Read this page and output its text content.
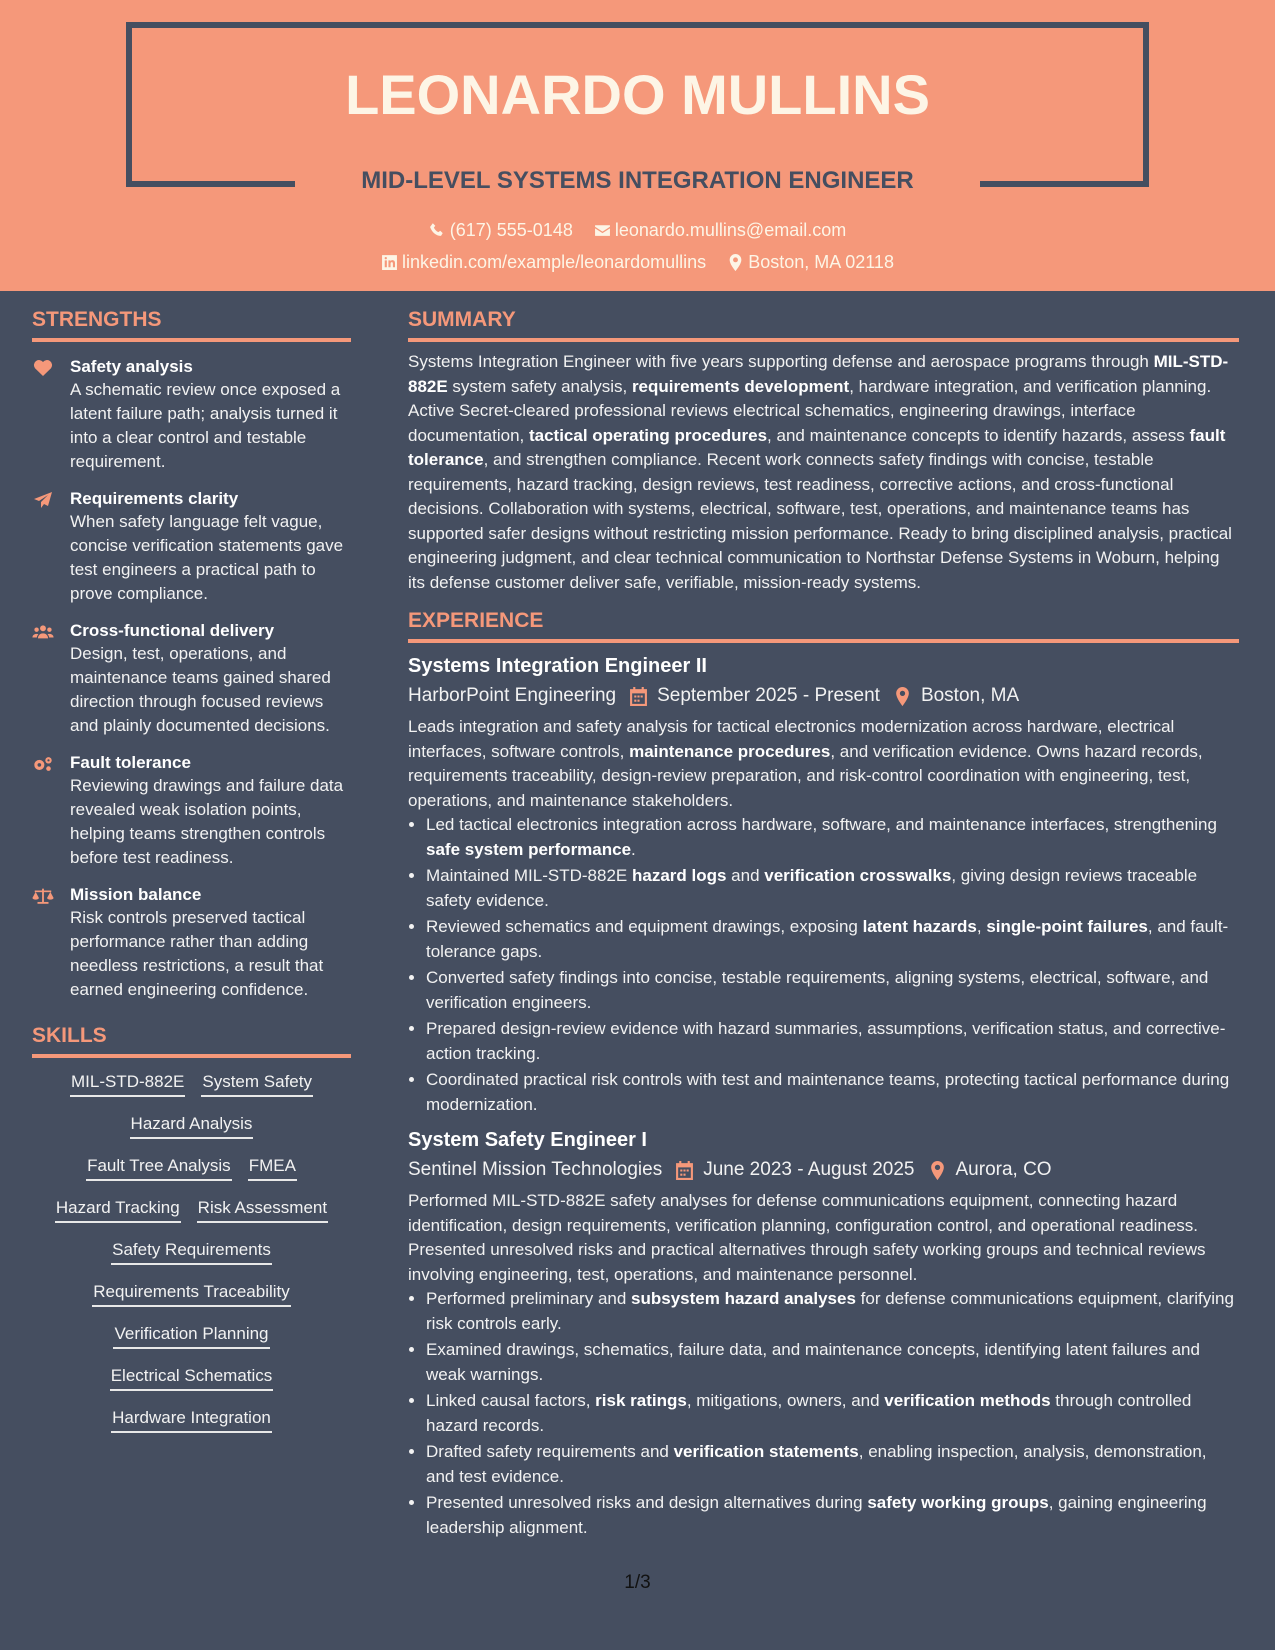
LEONARDO MULLINS
MID-LEVEL SYSTEMS INTEGRATION ENGINEER
(617) 555-0148
leonardo.mullins@email.com
linkedin.com/example/leonardomullins
Boston, MA 02118
STRENGTHS
Safety analysis
A schematic review once exposed a latent failure path; analysis turned it into a clear control and testable requirement.
Requirements clarity
When safety language felt vague, concise verification statements gave test engineers a practical path to prove compliance.
Cross-functional delivery
Design, test, operations, and maintenance teams gained shared direction through focused reviews and plainly documented decisions.
Fault tolerance
Reviewing drawings and failure data revealed weak isolation points, helping teams strengthen controls before test readiness.
Mission balance
Risk controls preserved tactical performance rather than adding needless restrictions, a result that earned engineering confidence.
SKILLS
MIL-STD-882E System Safety
Hazard Analysis
Fault Tree Analysis FMEA
Hazard Tracking Risk Assessment
Safety Requirements
Requirements Traceability
Verification Planning
Electrical Schematics
Hardware Integration
SUMMARY

Systems Integration Engineer with five years supporting defense and aerospace programs through MIL-STD-882E system safety analysis, requirements development, hardware integration, and verification planning. Active Secret-cleared professional reviews electrical schematics, engineering drawings, interface documentation, tactical operating procedures, and maintenance concepts to identify hazards, assess fault tolerance, and strengthen compliance. Recent work connects safety findings with concise, testable requirements, hazard tracking, design reviews, test readiness, corrective actions, and cross-functional decisions. Collaboration with systems, electrical, software, test, operations, and maintenance teams has supported safer designs without restricting mission performance. Ready to bring disciplined analysis, practical engineering judgment, and clear technical communication to Northstar Defense Systems in Woburn, helping its defense customer deliver safe, verifiable, mission-ready systems.

EXPERIENCE
Systems Integration Engineer II
HarborPoint Engineering September 2025 - Present Boston, MA

Leads integration and safety analysis for tactical electronics modernization across hardware, electrical interfaces, software controls, maintenance procedures, and verification evidence. Owns hazard records, requirements traceability, design-review preparation, and risk-control coordination with engineering, test, operations, and maintenance stakeholders.

• Led tactical electronics integration across hardware, software, and maintenance interfaces, strengthening safe system performance.
• Maintained MIL-STD-882E hazard logs and verification crosswalks, giving design reviews traceable safety evidence.
• Reviewed schematics and equipment drawings, exposing latent hazards, single-point failures, and fault-tolerance gaps.
• Converted safety findings into concise, testable requirements, aligning systems, electrical, software, and verification engineers.
• Prepared design-review evidence with hazard summaries, assumptions, verification status, and corrective-action tracking.
• Coordinated practical risk controls with test and maintenance teams, protecting tactical performance during modernization.
System Safety Engineer I
Sentinel Mission Technologies June 2023 - August 2025 Aurora, CO

Performed MIL-STD-882E safety analyses for defense communications equipment, connecting hazard identification, design requirements, verification planning, configuration control, and operational readiness. Presented unresolved risks and practical alternatives through safety working groups and technical reviews involving engineering, test, operations, and maintenance personnel.

• Performed preliminary and subsystem hazard analyses for defense communications equipment, clarifying risk controls early.
• Examined drawings, schematics, failure data, and maintenance concepts, identifying latent failures and weak warnings.
• Linked causal factors, risk ratings, mitigations, owners, and verification methods through controlled hazard records.
• Drafted safety requirements and verification statements, enabling inspection, analysis, demonstration, and test evidence.
• Presented unresolved risks and design alternatives during safety working groups, gaining engineering leadership alignment.
1/3
